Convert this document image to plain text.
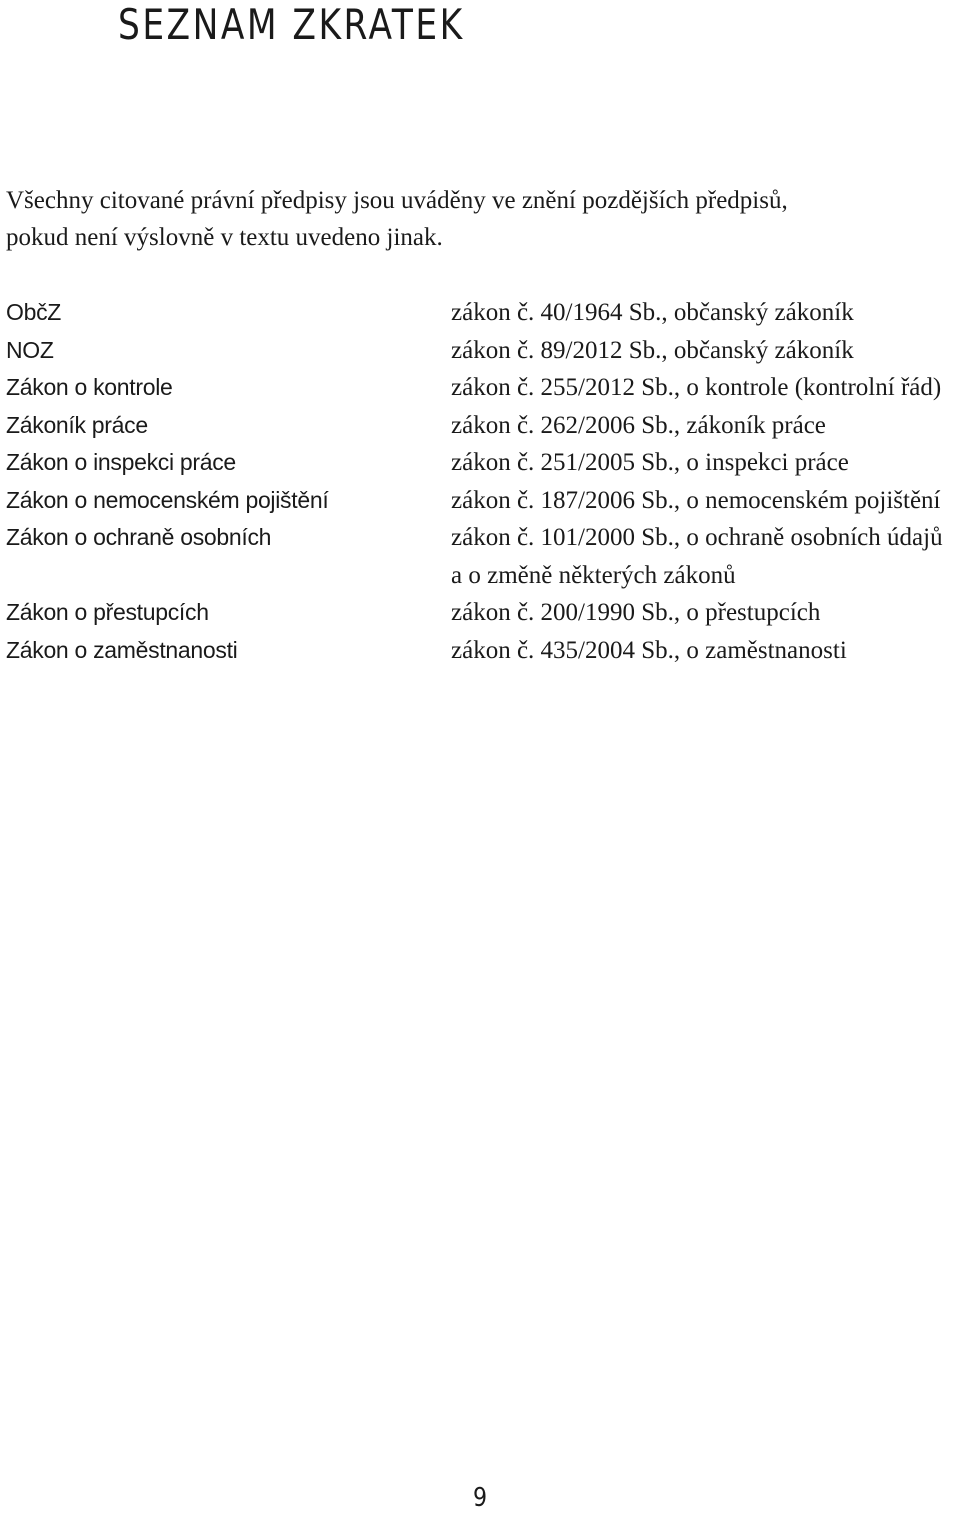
SEZNAM ZKRATEK

Všechny citované právní předpisy jsou uváděny ve znění pozdějších předpisů,
pokud není výslovně v textu uvedeno jinak.

ObčZ	zákon č. 40/1964 Sb., občanský zákoník
NOZ	zákon č. 89/2012 Sb., občanský zákoník
Zákon o kontrole	zákon č. 255/2012 Sb., o kontrole (kontrolní řád)
Zákoník práce	zákon č. 262/2006 Sb., zákoník práce
Zákon o inspekci práce	zákon č. 251/2005 Sb., o inspekci práce
Zákon o nemocenském pojištění	zákon č. 187/2006 Sb., o nemocenském pojištění
Zákon o ochraně osobních	zákon č. 101/2000 Sb., o ochraně osobních údajů a o změně některých zákonů
Zákon o přestupcích	zákon č. 200/1990 Sb., o přestupcích
Zákon o zaměstnanosti	zákon č. 435/2004 Sb., o zaměstnanosti
9
